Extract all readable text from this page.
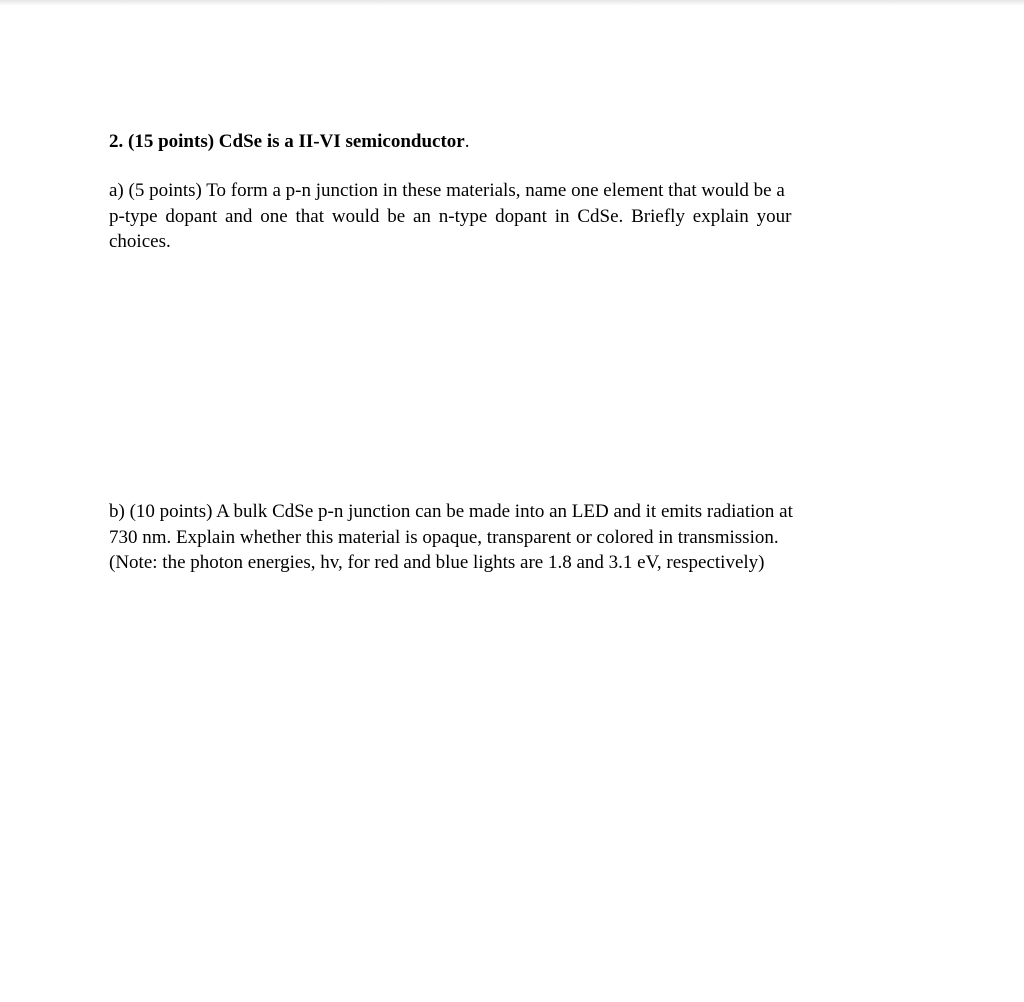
2. (15 points) CdSe is a II-VI semiconductor.

a) (5 points) To form a p-n junction in these materials, name one element that would be a
p-type dopant and one that would be an n-type dopant in CdSe. Briefly explain your
choices.

b) (10 points) A bulk CdSe p-n junction can be made into an LED and it emits radiation at
730 nm. Explain whether this material is opaque, transparent or colored in transmission.
(Note: the photon energies, hv, for red and blue lights are 1.8 and 3.1 eV, respectively)
